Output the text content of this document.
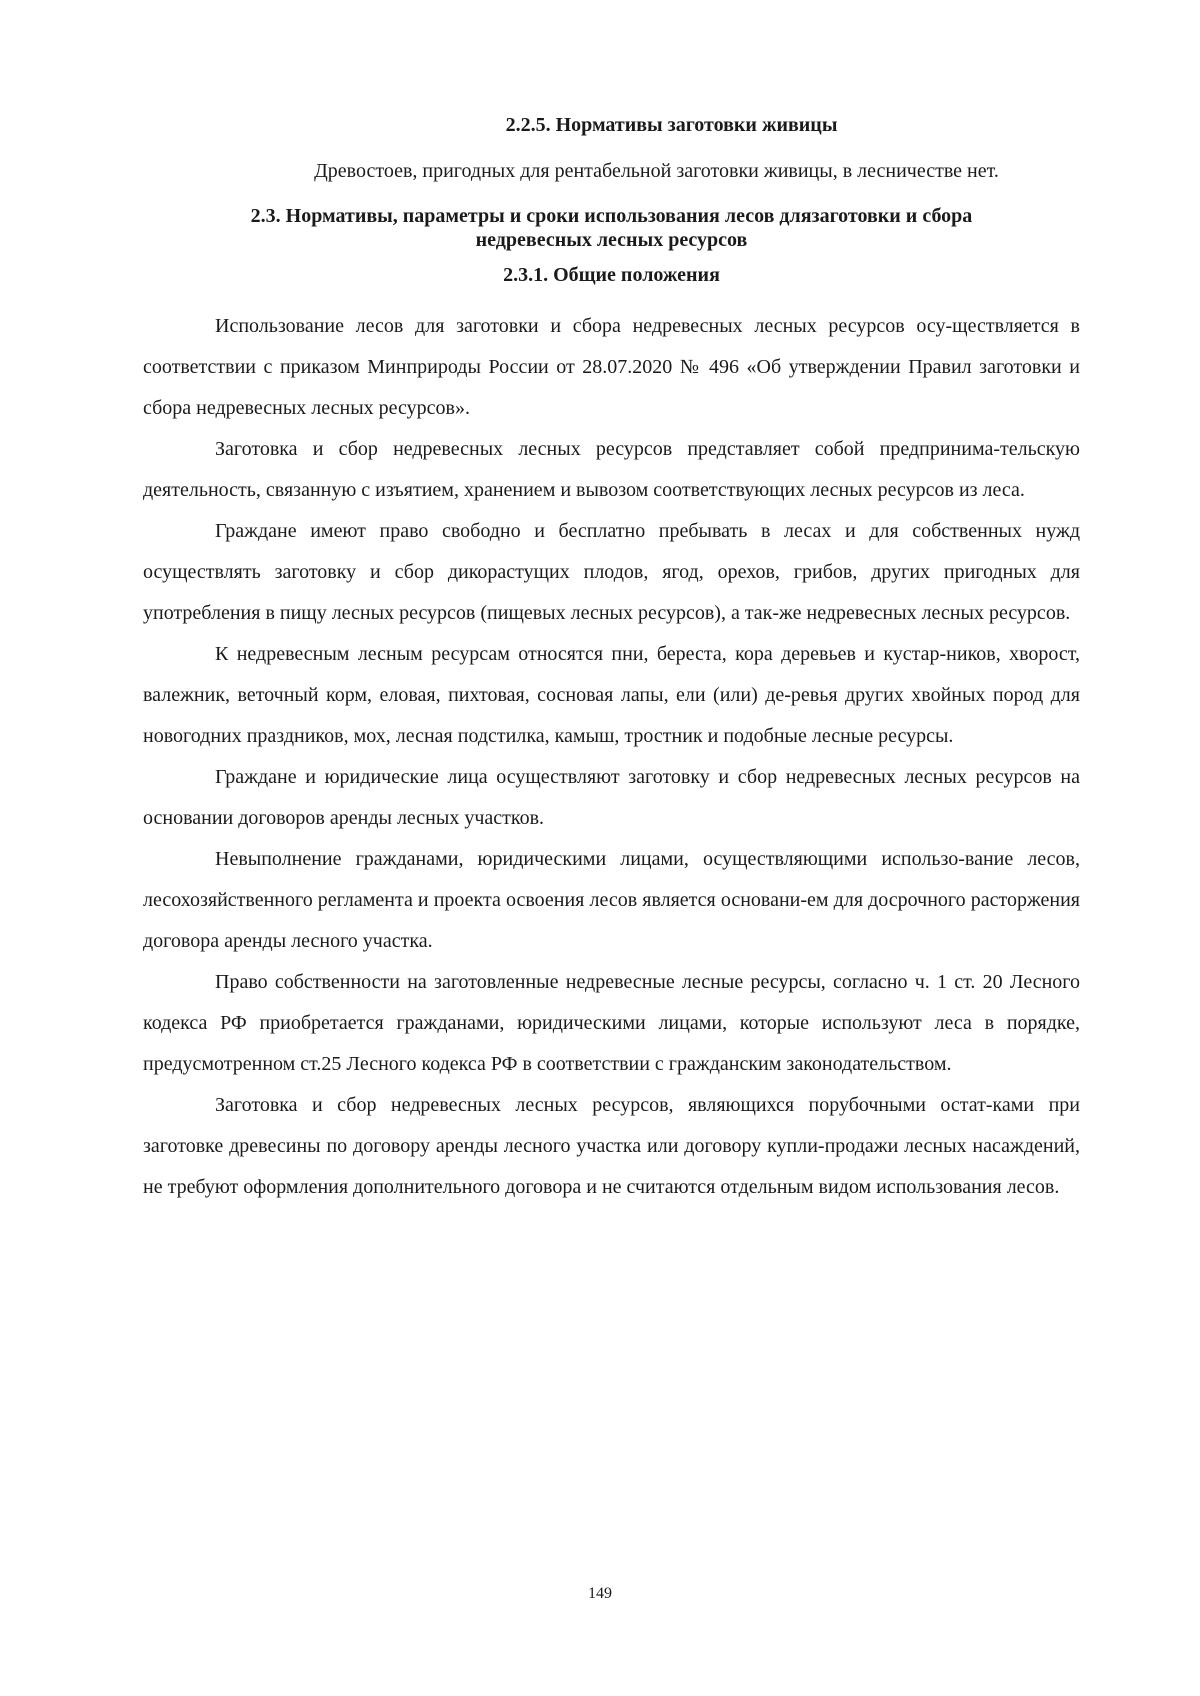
2.2.5. Нормативы заготовки живицы

Древостоев, пригодных для рентабельной заготовки живицы, в лесничестве нет.

2.3. Нормативы, параметры и сроки использования лесов длязаготовки и сбора
недревесных лесных ресурсов
2.3.1. Общие положения

Использование лесов для заготовки и сбора недревесных лесных ресурсов осу-ществляется в соответствии с приказом Минприроды России от 28.07.2020 № 496 «Об утверждении Правил заготовки и сбора недревесных лесных ресурсов».

Заготовка и сбор недревесных лесных ресурсов представляет собой предпринима-тельскую деятельность, связанную с изъятием, хранением и вывозом соответствующих лесных ресурсов из леса.

Граждане имеют право свободно и бесплатно пребывать в лесах и для собственных нужд осуществлять заготовку и сбор дикорастущих плодов, ягод, орехов, грибов, других пригодных для употребления в пищу лесных ресурсов (пищевых лесных ресурсов), а так-же недревесных лесных ресурсов.

К недревесным лесным ресурсам относятся пни, береста, кора деревьев и кустар-ников, хворост, валежник, веточный корм, еловая, пихтовая, сосновая лапы, ели (или) де-ревья других хвойных пород для новогодних праздников, мох, лесная подстилка, камыш, тростник и подобные лесные ресурсы.

Граждане и юридические лица осуществляют заготовку и сбор недревесных лесных ресурсов на основании договоров аренды лесных участков.

Невыполнение гражданами, юридическими лицами, осуществляющими использо-вание лесов, лесохозяйственного регламента и проекта освоения лесов является основани-ем для досрочного расторжения договора аренды лесного участка.

Право собственности на заготовленные недревесные лесные ресурсы, согласно ч. 1 ст. 20 Лесного кодекса РФ приобретается гражданами, юридическими лицами, которые используют леса в порядке, предусмотренном ст.25 Лесного кодекса РФ в соответствии с гражданским законодательством.

Заготовка и сбор недревесных лесных ресурсов, являющихся порубочными остат-ками при заготовке древесины по договору аренды лесного участка или договору купли-продажи лесных насаждений, не требуют оформления дополнительного договора и не считаются отдельным видом использования лесов.

149
